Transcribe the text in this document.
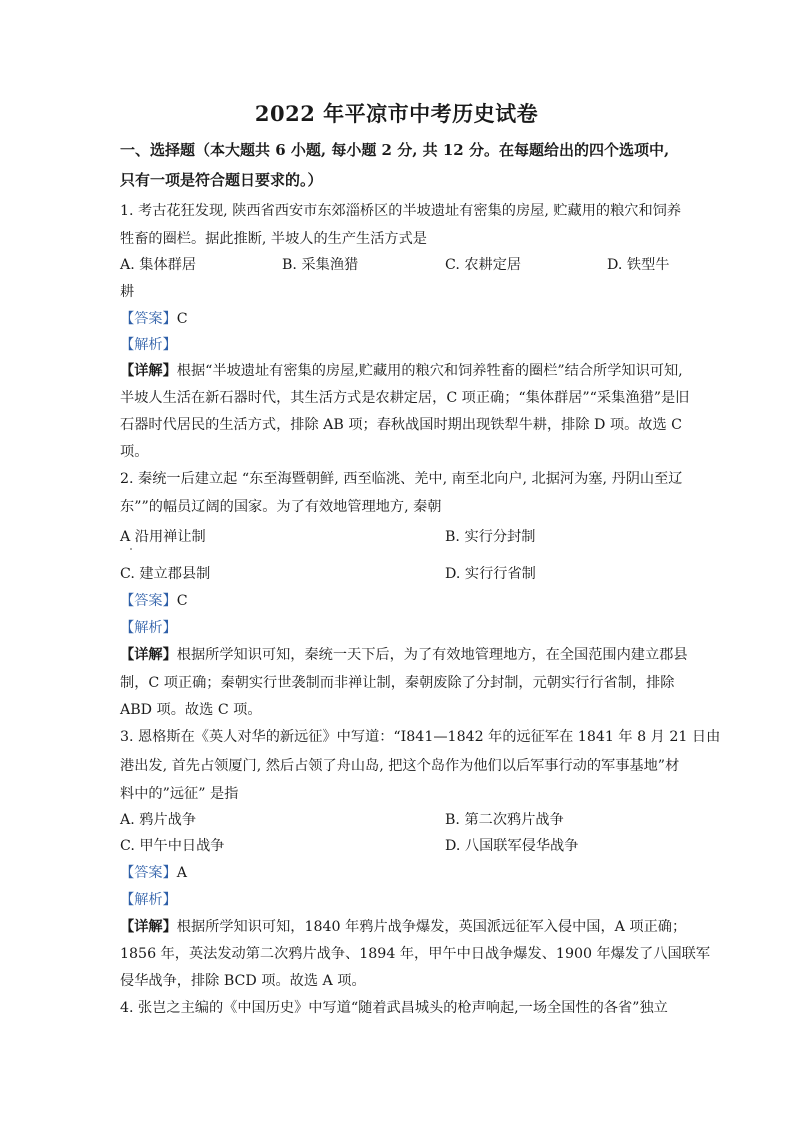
2022 年平凉市中考历史试卷
一、选择题（本大题共 6 小题, 每小题 2 分, 共 12 分。在每题给出的四个选项中,
只有一项是符合题日要求的。）
1. 考古花狂发现, 陕西省西安市东郊淄桥区的半坡遗址有密集的房屋, 贮藏用的粮穴和饲养
牲畜的圈栏。据此推断, 半坡人的生产生活方式是
A. 集体群居	B. 采集渔猎	C. 农耕定居	D. 铁型牛
耕
【答案】C
【解析】
【详解】根据“半坡遗址有密集的房屋,贮藏用的粮穴和饲养牲畜的圈栏”结合所学知识可知,
半坡人生活在新石器时代，其生活方式是农耕定居，C 项正确；“集体群居”“采集渔猎”是旧
石器时代居民的生活方式，排除 AB 项；春秋战国时期出现铁犁牛耕，排除 D 项。故选 C
项。
2. 秦统一后建立起 “东至海暨朝鲜, 西至临洮、羌中, 南至北向户, 北据河为塞, 丹阴山至辽
东””的幅员辽阔的国家。为了有效地管理地方, 秦朝
A 沿用禅让制	B. 实行分封制
C. 建立郡县制	D. 实行行省制
【答案】C
【解析】
【详解】根据所学知识可知，秦统一天下后，为了有效地管理地方，在全国范围内建立郡县
制，C 项正确；秦朝实行世袭制而非禅让制，秦朝废除了分封制，元朝实行行省制，排除
ABD 项。故选 C 项。
3. 恩格斯在《英人对华的新远征》中写道：“I841—1842 年的远征军在 1841 年 8 月 21 日由
港出发, 首先占领厦门, 然后占领了舟山岛, 把这个岛作为他们以后军事行动的军事基地”材
料中的”远征” 是指
A. 鸦片战争	B. 第二次鸦片战争
C. 甲午中日战争	D. 八国联军侵华战争
【答案】A
【解析】
【详解】根据所学知识可知，1840 年鸦片战争爆发，英国派远征军入侵中国，A 项正确；
1856 年，英法发动第二次鸦片战争、1894 年，甲午中日战争爆发、1900 年爆发了八国联军
侵华战争，排除 BCD 项。故选 A 项。
4. 张岂之主编的《中国历史》中写道“随着武昌城头的枪声响起,一场全国性的各省”独立
